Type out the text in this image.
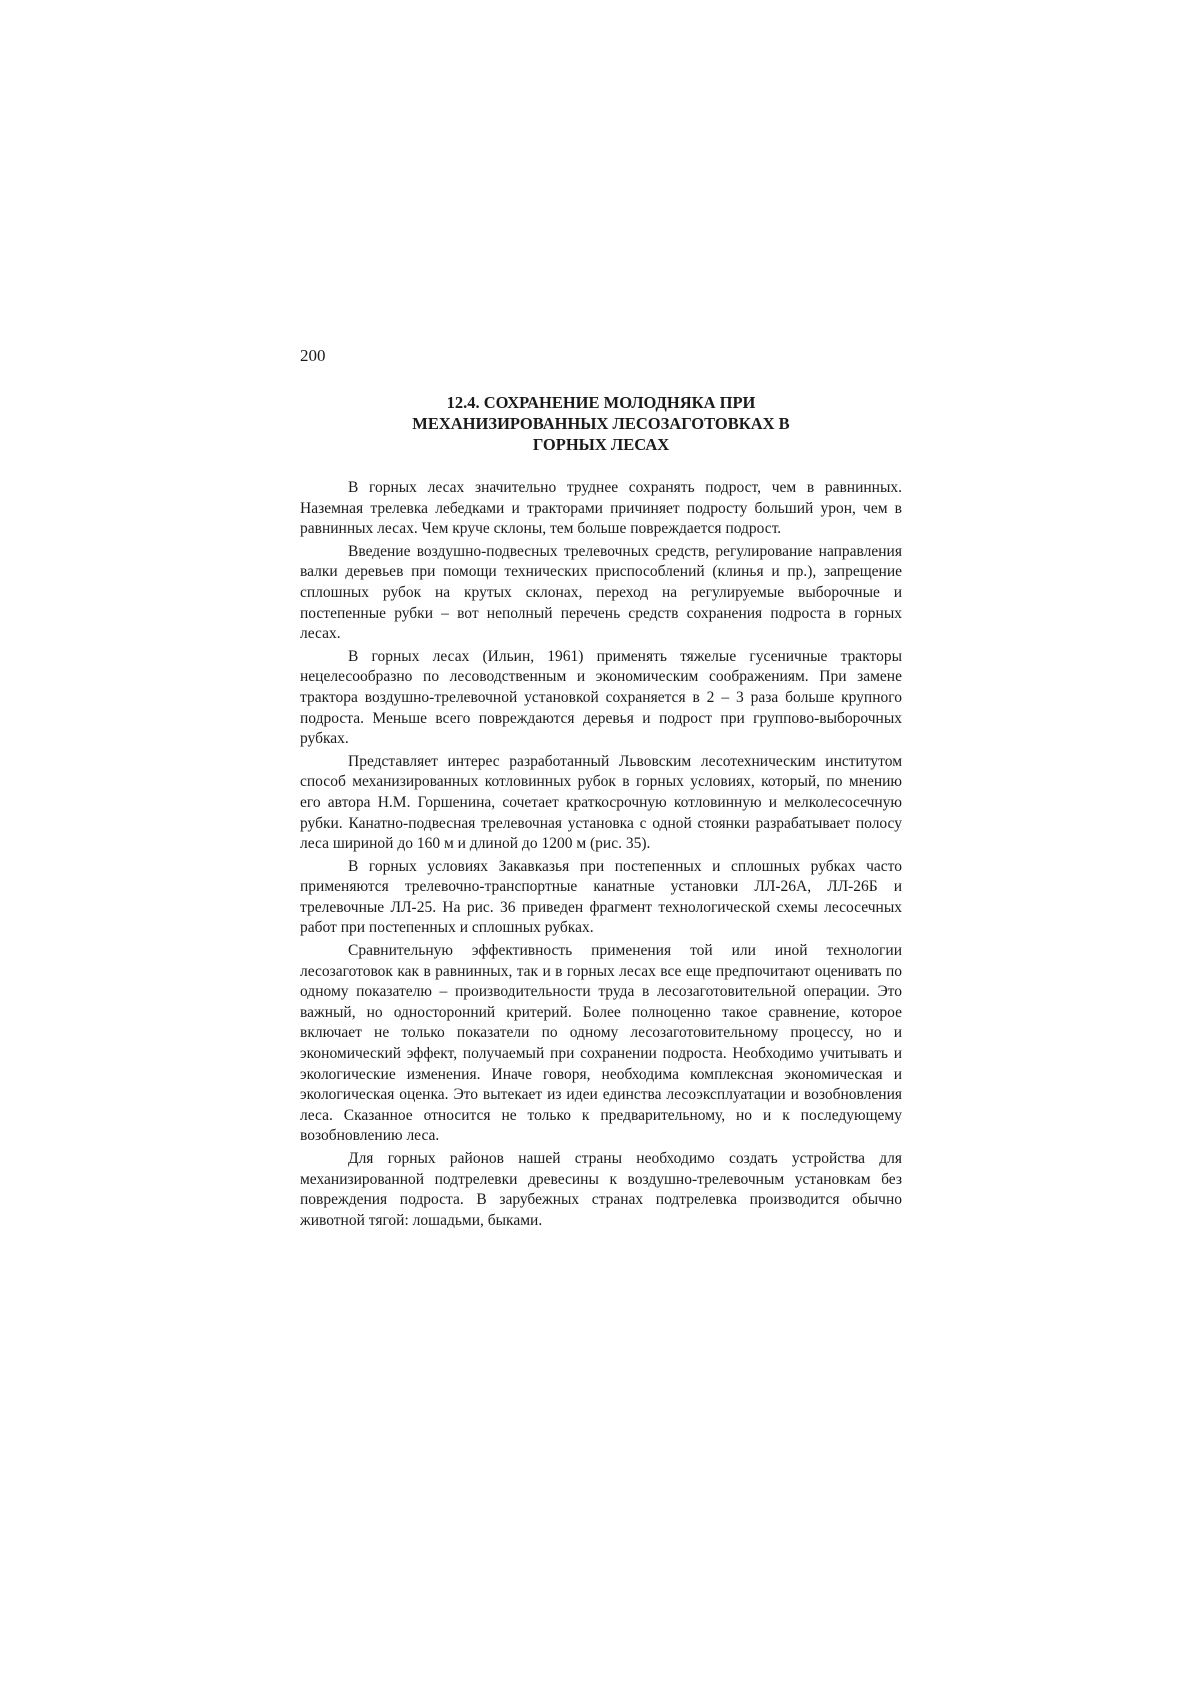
200
12.4. СОХРАНЕНИЕ МОЛОДНЯКА ПРИ
МЕХАНИЗИРОВАННЫХ ЛЕСОЗАГОТОВКАХ В
ГОРНЫХ ЛЕСАХ

В горных лесах значительно труднее сохранять подрост, чем в равнинных. Наземная трелевка лебедками и тракторами причиняет подросту больший урон, чем в равнинных лесах. Чем круче склоны, тем больше повреждается подрост.

Введение воздушно-подвесных трелевочных средств, регулирование направления валки деревьев при помощи технических приспособлений (клинья и пр.), запрещение сплошных рубок на крутых склонах, переход на регулируемые выборочные и постепенные рубки – вот неполный перечень средств сохранения подроста в горных лесах.

В горных лесах (Ильин, 1961) применять тяжелые гусеничные тракторы нецелесообразно по лесоводственным и экономическим соображениям. При замене трактора воздушно-трелевочной установкой сохраняется в 2 – 3 раза больше крупного подроста. Меньше всего повреждаются деревья и подрост при группово-выборочных рубках.

Представляет интерес разработанный Львовским лесотехническим институтом способ механизированных котловинных рубок в горных условиях, который, по мнению его автора Н.М. Горшенина, сочетает краткосрочную котловинную и мелколесосечную рубки. Канатно-подвесная трелевочная установка с одной стоянки разрабатывает полосу леса шириной до 160 м и длиной до 1200 м (рис. 35).

В горных условиях Закавказья при постепенных и сплошных рубках часто применяются трелевочно-транспортные канатные установки ЛЛ-26А, ЛЛ-26Б и трелевочные ЛЛ-25. На рис. 36 приведен фрагмент технологической схемы лесосечных работ при постепенных и сплошных рубках.

Сравнительную эффективность применения той или иной технологии лесозаготовок как в равнинных, так и в горных лесах все еще предпочитают оценивать по одному показателю – производительности труда в лесозаготовительной операции. Это важный, но односторонний критерий. Более полноценно такое сравнение, которое включает не только показатели по одному лесозаготовительному процессу, но и экономический эффект, получаемый при сохранении подроста. Необходимо учитывать и экологические изменения. Иначе говоря, необходима комплексная экономическая и экологическая оценка. Это вытекает из идеи единства лесоэксплуатации и возобновления леса. Сказанное относится не только к предварительному, но и к последующему возобновлению леса.

Для горных районов нашей страны необходимо создать устройства для механизированной подтрелевки древесины к воздушно-трелевочным установкам без повреждения подроста. В зарубежных странах подтрелевка производится обычно животной тягой: лошадьми, быками.
